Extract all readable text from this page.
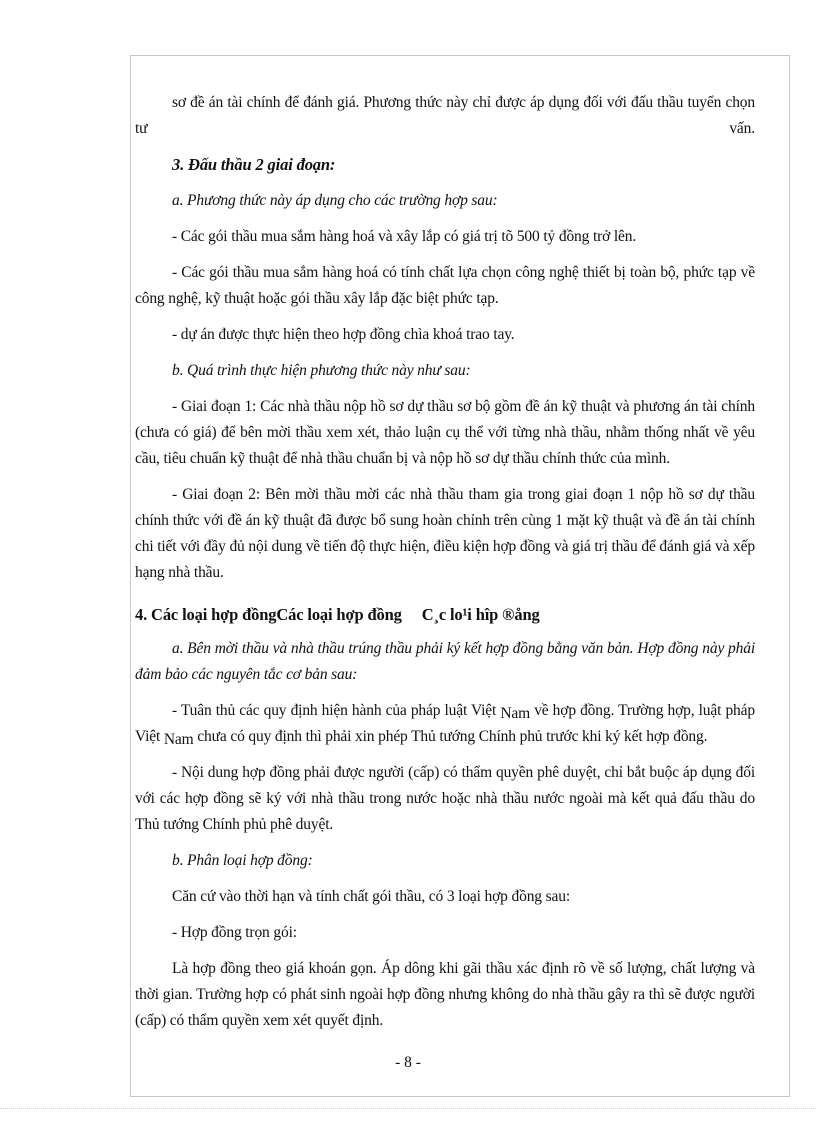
sơ đề án tài chính để đánh giá. Phương thức này chỉ được áp dụng đối với đấu thầu tuyển chọn tư vấn.

3. Đấu thầu 2 giai đoạn:

a. Phương thức này áp dụng cho các trường hợp sau:

- Các gói thầu mua sắm hàng hoá và xây lắp có giá trị tõ 500 tỷ đồng trở lên.

- Các gói thầu mua sắm hàng hoá có tính chất lựa chọn công nghệ thiết bị toàn bộ, phức tạp về công nghệ, kỹ thuật hoặc gói thầu xây lắp đặc biệt phức tạp.

- dự án được thực hiện theo hợp đồng chìa khoá trao tay.

b. Quá trình thực hiện phương thức này như sau:

- Giai đoạn 1: Các nhà thầu nộp hồ sơ dự thầu sơ bộ gồm đề án kỹ thuật và phương án tài chính (chưa có giá) để bên mời thầu xem xét, thảo luận cụ thể với từng nhà thầu, nhằm thống nhất về yêu cầu, tiêu chuẩn kỹ thuật để nhà thầu chuẩn bị và nộp hồ sơ dự thầu chính thức của mình.

- Giai đoạn 2: Bên mời thầu mời các nhà thầu tham gia trong giai đoạn 1 nộp hồ sơ dự thầu chính thức với đề án kỹ thuật đã được bổ sung hoàn chỉnh trên cùng 1 mặt kỹ thuật và đề án tài chính chi tiết với đầy đủ nội dung về tiến độ thực hiện, điều kiện hợp đồng và giá trị thầu để đánh giá và xếp hạng nhà thầu.

4. Các loại hợp đồngCác loại hợp đồng C¸c lo¹i hîp ®ång

a. Bên mời thầu và nhà thầu trúng thầu phải ký kết hợp đồng bằng văn bản. Hợp đồng này phải đảm bảo các nguyên tắc cơ bản sau:

- Tuân thủ các quy định hiện hành của pháp luật Việt Nam về hợp đồng. Trường hợp, luật pháp Việt Nam chưa có quy định thì phải xin phép Thủ tướng Chính phủ trước khi ký kết hợp đồng.

- Nội dung hợp đồng phải được người (cấp) có thẩm quyền phê duyệt, chỉ bắt buộc áp dụng đối với các hợp đồng sẽ ký với nhà thầu trong nước hoặc nhà thầu nước ngoài mà kết quả đấu thầu do Thủ tướng Chính phủ phê duyệt.

b. Phân loại hợp đồng:

Căn cứ vào thời hạn và tính chất gói thầu, có 3 loại hợp đồng sau:

- Hợp đồng trọn gói:

Là hợp đồng theo giá khoán gọn. Áp dông khi gãi thầu xác định rõ về số lượng, chất lượng và thời gian. Trường hợp có phát sinh ngoài hợp đồng nhưng không do nhà thầu gây ra thì sẽ được người (cấp) có thẩm quyền xem xét quyết định.

- 8 -
